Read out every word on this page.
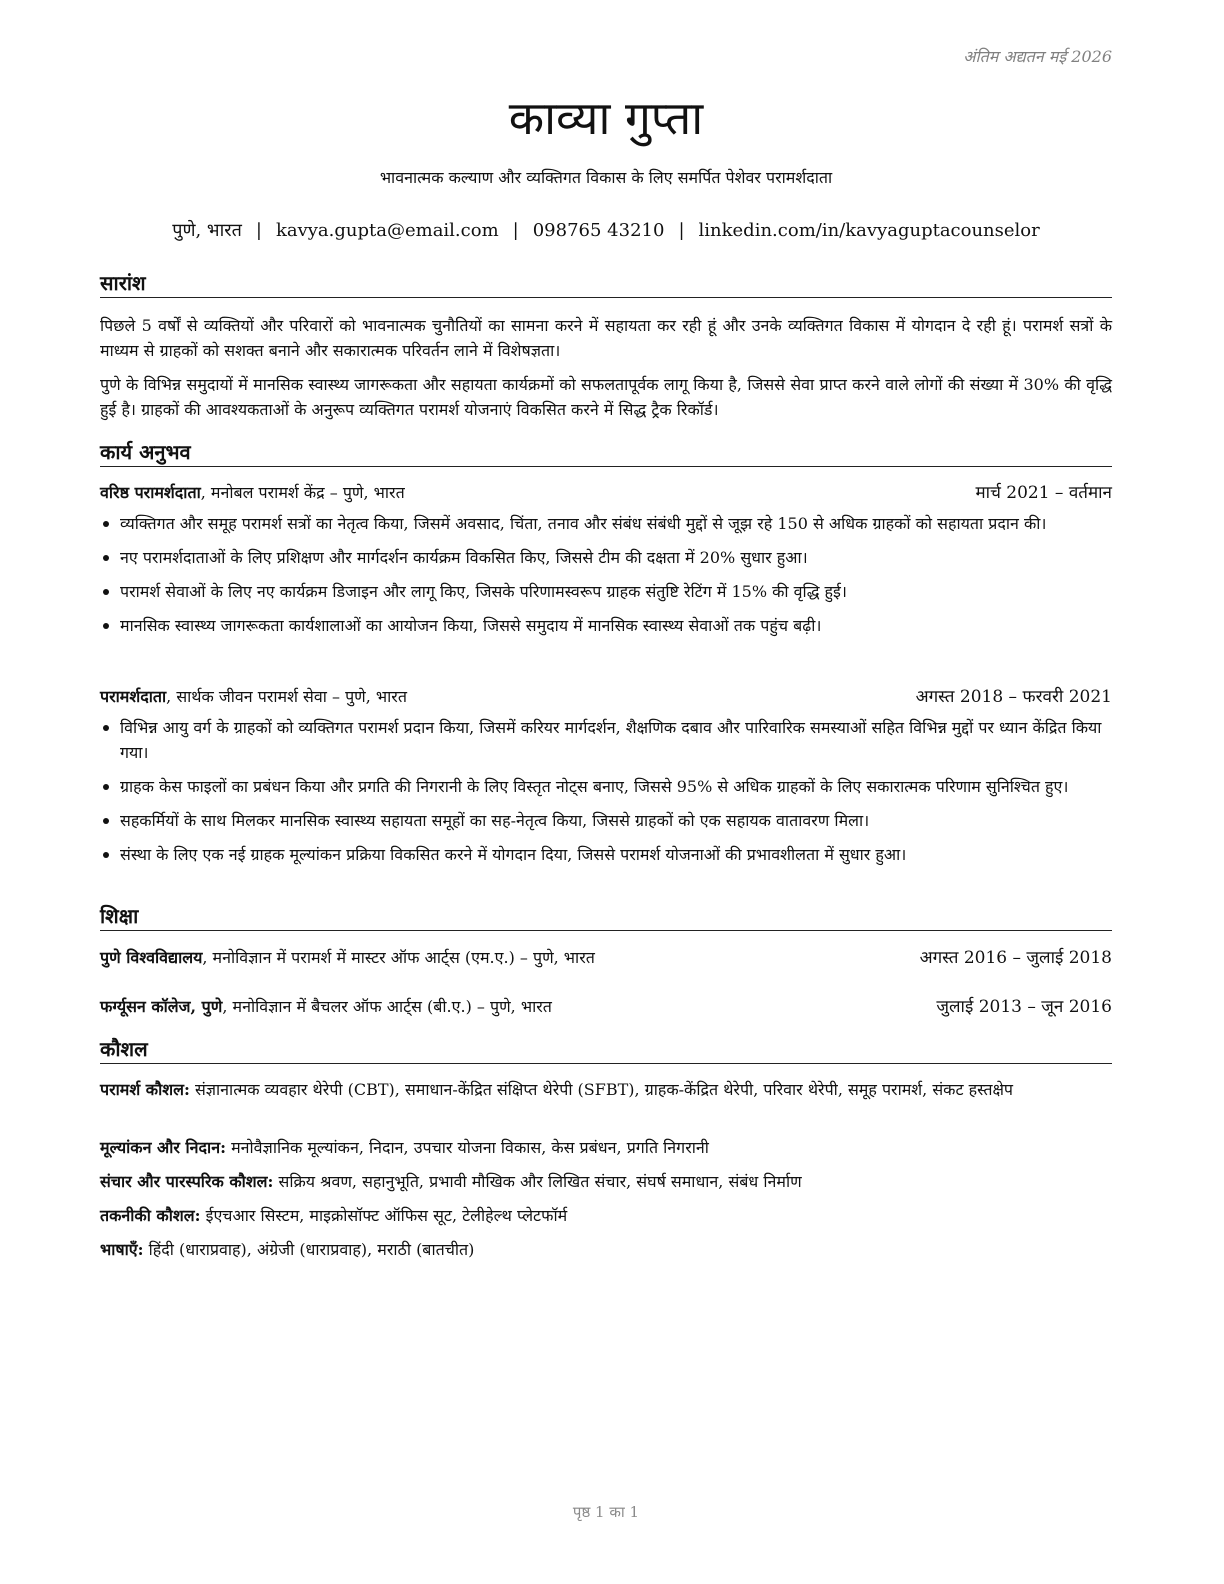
अंतिम अद्यतन मई 2026
काव्या गुप्ता
भावनात्मक कल्याण और व्यक्तिगत विकास के लिए समर्पित पेशेवर परामर्शदाता
पुणे, भारत | kavya.gupta@email.com | 098765 43210 | linkedin.com/in/kavyaguptacounselor
सारांश
पिछले 5 वर्षों से व्यक्तियों और परिवारों को भावनात्मक चुनौतियों का सामना करने में सहायता कर रही हूं और उनके व्यक्तिगत विकास में योगदान दे रही हूं। परामर्श सत्रों के माध्यम से ग्राहकों को सशक्त बनाने और सकारात्मक परिवर्तन लाने में विशेषज्ञता।
पुणे के विभिन्न समुदायों में मानसिक स्वास्थ्य जागरूकता और सहायता कार्यक्रमों को सफलतापूर्वक लागू किया है, जिससे सेवा प्राप्त करने वाले लोगों की संख्या में 30% की वृद्धि हुई है। ग्राहकों की आवश्यकताओं के अनुरूप व्यक्तिगत परामर्श योजनाएं विकसित करने में सिद्ध ट्रैक रिकॉर्ड।
कार्य अनुभव
वरिष्ठ परामर्शदाता, मनोबल परामर्श केंद्र – पुणे, भारत	मार्च 2021 – वर्तमान
व्यक्तिगत और समूह परामर्श सत्रों का नेतृत्व किया, जिसमें अवसाद, चिंता, तनाव और संबंध संबंधी मुद्दों से जूझ रहे 150 से अधिक ग्राहकों को सहायता प्रदान की।
नए परामर्शदाताओं के लिए प्रशिक्षण और मार्गदर्शन कार्यक्रम विकसित किए, जिससे टीम की दक्षता में 20% सुधार हुआ।
परामर्श सेवाओं के लिए नए कार्यक्रम डिजाइन और लागू किए, जिसके परिणामस्वरूप ग्राहक संतुष्टि रेटिंग में 15% की वृद्धि हुई।
मानसिक स्वास्थ्य जागरूकता कार्यशालाओं का आयोजन किया, जिससे समुदाय में मानसिक स्वास्थ्य सेवाओं तक पहुंच बढ़ी।
परामर्शदाता, सार्थक जीवन परामर्श सेवा – पुणे, भारत	अगस्त 2018 – फरवरी 2021
विभिन्न आयु वर्ग के ग्राहकों को व्यक्तिगत परामर्श प्रदान किया, जिसमें करियर मार्गदर्शन, शैक्षणिक दबाव और पारिवारिक समस्याओं सहित विभिन्न मुद्दों पर ध्यान केंद्रित किया गया।
ग्राहक केस फाइलों का प्रबंधन किया और प्रगति की निगरानी के लिए विस्तृत नोट्स बनाए, जिससे 95% से अधिक ग्राहकों के लिए सकारात्मक परिणाम सुनिश्चित हुए।
सहकर्मियों के साथ मिलकर मानसिक स्वास्थ्य सहायता समूहों का सह-नेतृत्व किया, जिससे ग्राहकों को एक सहायक वातावरण मिला।
संस्था के लिए एक नई ग्राहक मूल्यांकन प्रक्रिया विकसित करने में योगदान दिया, जिससे परामर्श योजनाओं की प्रभावशीलता में सुधार हुआ।
शिक्षा
पुणे विश्वविद्यालय, मनोविज्ञान में परामर्श में मास्टर ऑफ आर्ट्स (एम.ए.) – पुणे, भारत	अगस्त 2016 – जुलाई 2018
फर्ग्यूसन कॉलेज, पुणे, मनोविज्ञान में बैचलर ऑफ आर्ट्स (बी.ए.) – पुणे, भारत	जुलाई 2013 – जून 2016
कौशल
परामर्श कौशल: संज्ञानात्मक व्यवहार थेरेपी (CBT), समाधान-केंद्रित संक्षिप्त थेरेपी (SFBT), ग्राहक-केंद्रित थेरेपी, परिवार थेरेपी, समूह परामर्श, संकट हस्तक्षेप
मूल्यांकन और निदान: मनोवैज्ञानिक मूल्यांकन, निदान, उपचार योजना विकास, केस प्रबंधन, प्रगति निगरानी
संचार और पारस्परिक कौशल: सक्रिय श्रवण, सहानुभूति, प्रभावी मौखिक और लिखित संचार, संघर्ष समाधान, संबंध निर्माण
तकनीकी कौशल: ईएचआर सिस्टम, माइक्रोसॉफ्ट ऑफिस सूट, टेलीहेल्थ प्लेटफॉर्म
भाषाएँ: हिंदी (धाराप्रवाह), अंग्रेजी (धाराप्रवाह), मराठी (बातचीत)
पृष्ठ 1 का 1
